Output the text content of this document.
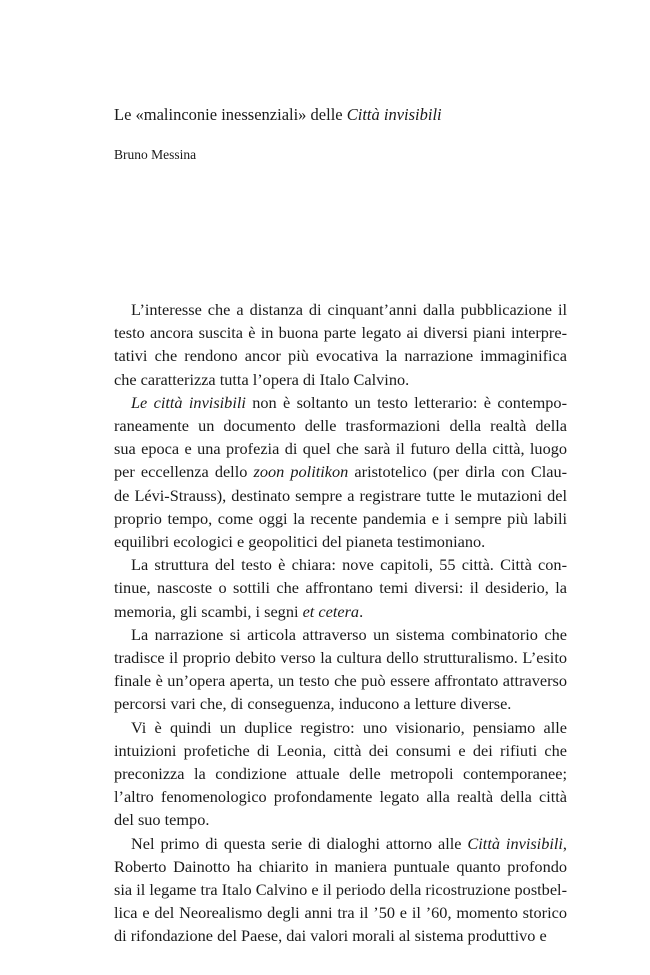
Le «malinconie inessenziali» delle Città invisibili
Bruno Messina
L’interesse che a distanza di cinquant’anni dalla pubblicazione il
testo ancora suscita è in buona parte legato ai diversi piani interpre-
tativi che rendono ancor più evocativa la narrazione immaginifica
che caratterizza tutta l’opera di Italo Calvino.
Le città invisibili non è soltanto un testo letterario: è contempo-
raneamente un documento delle trasformazioni della realtà della
sua epoca e una profezia di quel che sarà il futuro della città, luogo
per eccellenza dello zoon politikon aristotelico (per dirla con Clau-
de Lévi-Strauss), destinato sempre a registrare tutte le mutazioni del
proprio tempo, come oggi la recente pandemia e i sempre più labili
equilibri ecologici e geopolitici del pianeta testimoniano.
La struttura del testo è chiara: nove capitoli, 55 città. Città con-
tinue, nascoste o sottili che affrontano temi diversi: il desiderio, la
memoria, gli scambi, i segni et cetera.
La narrazione si articola attraverso un sistema combinatorio che
tradisce il proprio debito verso la cultura dello strutturalismo. L’esito
finale è un’opera aperta, un testo che può essere affrontato attraverso
percorsi vari che, di conseguenza, inducono a letture diverse.
Vi è quindi un duplice registro: uno visionario, pensiamo alle
intuizioni profetiche di Leonia, città dei consumi e dei rifiuti che
preconizza la condizione attuale delle metropoli contemporanee;
l’altro fenomenologico profondamente legato alla realtà della città
del suo tempo.
Nel primo di questa serie di dialoghi attorno alle Città invisibili,
Roberto Dainotto ha chiarito in maniera puntuale quanto profondo
sia il legame tra Italo Calvino e il periodo della ricostruzione postbel-
lica e del Neorealismo degli anni tra il ’50 e il ’60, momento storico
di rifondazione del Paese, dai valori morali al sistema produttivo e
